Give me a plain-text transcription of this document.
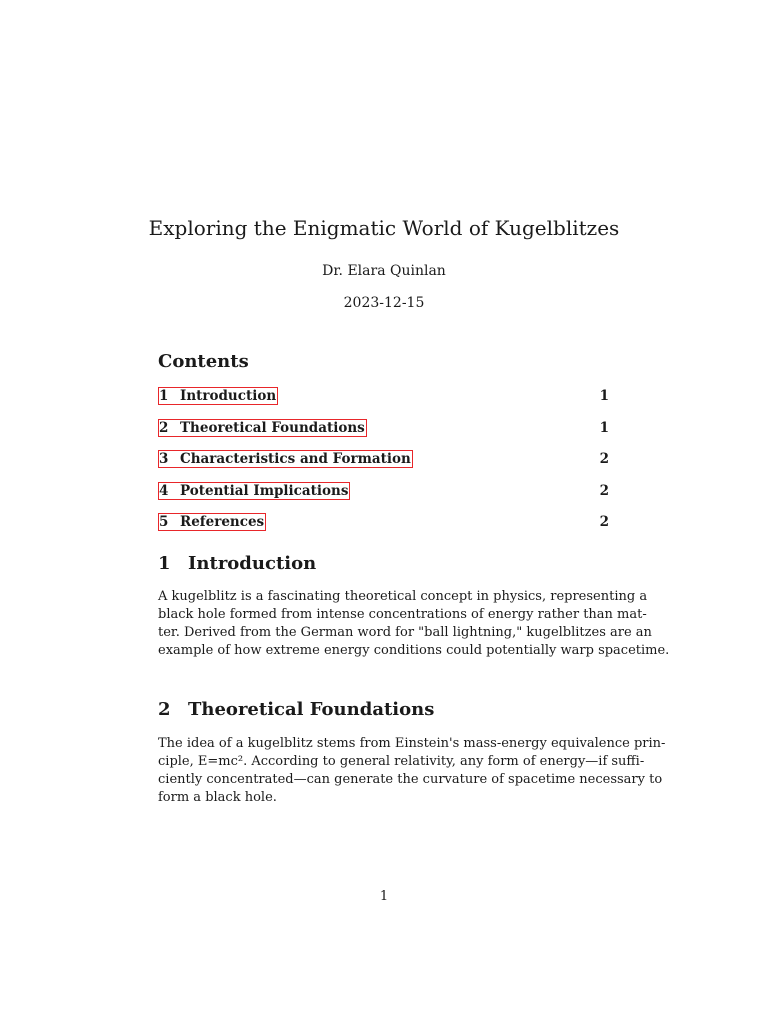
Exploring the Enigmatic World of Kugelblitzes
Dr. Elara Quinlan
2023-12-15
Contents
1 Introduction	1
2 Theoretical Foundations	1
3 Characteristics and Formation	2
4 Potential Implications	2
5 References	2
1 Introduction
A kugelblitz is a fascinating theoretical concept in physics, representing a
black hole formed from intense concentrations of energy rather than mat-
ter. Derived from the German word for "ball lightning," kugelblitzes are an
example of how extreme energy conditions could potentially warp spacetime.
2 Theoretical Foundations
The idea of a kugelblitz stems from Einstein's mass-energy equivalence prin-
ciple, E=mc². According to general relativity, any form of energy—if suffi-
ciently concentrated—can generate the curvature of spacetime necessary to
form a black hole.
1
